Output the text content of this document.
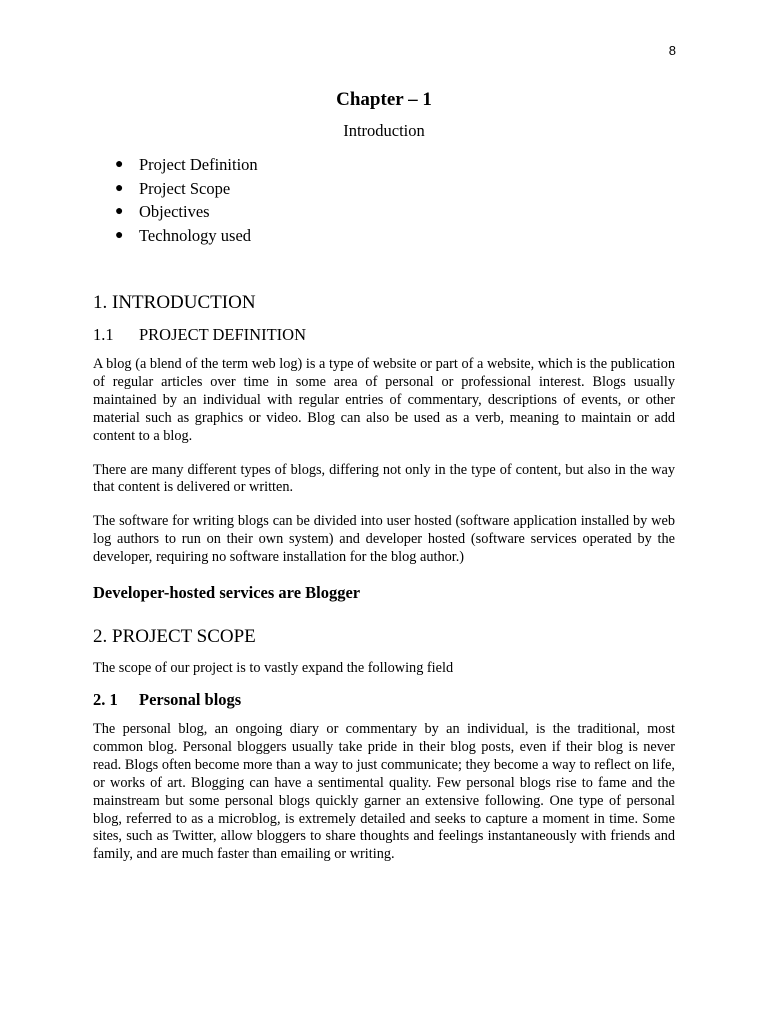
8
Chapter – 1
Introduction
● Project Definition
● Project Scope
● Objectives
● Technology used
1. INTRODUCTION
1.1 PROJECT DEFINITION

A blog (a blend of the term web log) is a type of website or part of a website, which is the publication of regular articles over time in some area of personal or professional interest. Blogs usually maintained by an individual with regular entries of commentary, descriptions of events, or other material such as graphics or video. Blog can also be used as a verb, meaning to maintain or add content to a blog.

There are many different types of blogs, differing not only in the type of content, but also in the way that content is delivered or written.

The software for writing blogs can be divided into user hosted (software application installed by web log authors to run on their own system) and developer hosted (software services operated by the developer, requiring no software installation for the blog author.)

Developer-hosted services are Blogger
2. PROJECT SCOPE

The scope of our project is to vastly expand the following field

2. 1 Personal blogs

The personal blog, an ongoing diary or commentary by an individual, is the traditional, most common blog. Personal bloggers usually take pride in their blog posts, even if their blog is never read. Blogs often become more than a way to just communicate; they become a way to reflect on life, or works of art. Blogging can have a sentimental quality. Few personal blogs rise to fame and the mainstream but some personal blogs quickly garner an extensive following. One type of personal blog, referred to as a microblog, is extremely detailed and seeks to capture a moment in time. Some sites, such as Twitter, allow bloggers to share thoughts and feelings instantaneously with friends and family, and are much faster than emailing or writing.
